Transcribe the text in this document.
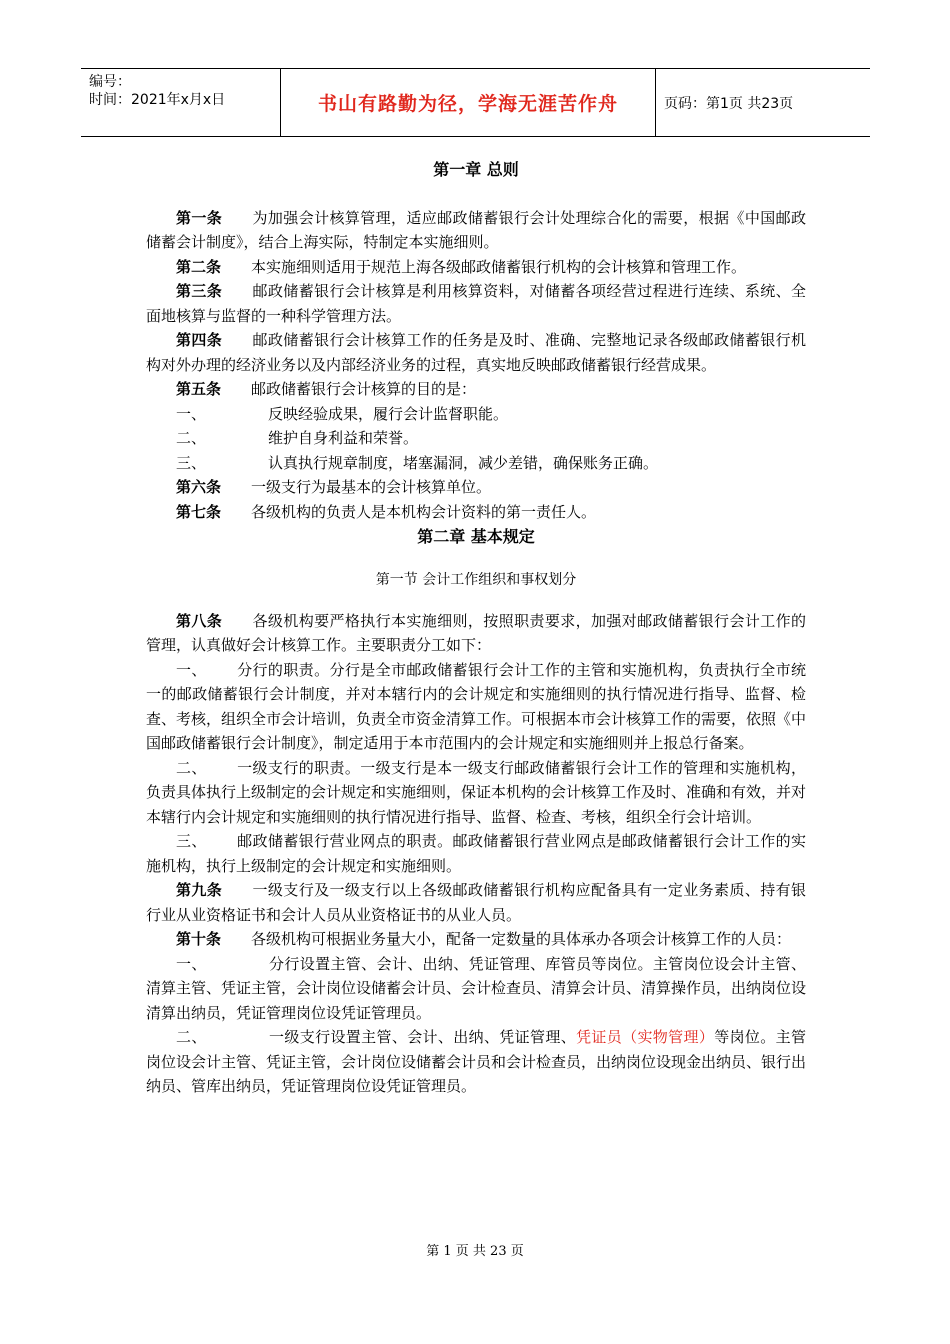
编号：
时间：2021年x月x日	书山有路勤为径，学海无涯苦作舟	页码：第1页 共23页
第一章 总则

第一条 为加强会计核算管理，适应邮政储蓄银行会计处理综合化的需要，根据《中国邮政储蓄会计制度》，结合上海实际，特制定本实施细则。

第二条 本实施细则适用于规范上海各级邮政储蓄银行机构的会计核算和管理工作。

第三条 邮政储蓄银行会计核算是利用核算资料，对储蓄各项经营过程进行连续、系统、全面地核算与监督的一种科学管理方法。

第四条 邮政储蓄银行会计核算工作的任务是及时、准确、完整地记录各级邮政储蓄银行机构对外办理的经济业务以及内部经济业务的过程，真实地反映邮政储蓄银行经营成果。

第五条 邮政储蓄银行会计核算的目的是：

一、	反映经验成果，履行会计监督职能。

二、	维护自身利益和荣誉。

三、	认真执行规章制度，堵塞漏洞，减少差错，确保账务正确。

第六条 一级支行为最基本的会计核算单位。

第七条 各级机构的负责人是本机构会计资料的第一责任人。

第二章 基本规定
第一节 会计工作组织和事权划分

第八条 各级机构要严格执行本实施细则，按照职责要求，加强对邮政储蓄银行会计工作的管理，认真做好会计核算工作。主要职责分工如下：

一、 分行的职责。分行是全市邮政储蓄银行会计工作的主管和实施机构，负责执行全市统一的邮政储蓄银行会计制度，并对本辖行内的会计规定和实施细则的执行情况进行指导、监督、检查、考核，组织全市会计培训，负责全市资金清算工作。可根据本市会计核算工作的需要，依照《中国邮政储蓄银行会计制度》，制定适用于本市范围内的会计规定和实施细则并上报总行备案。

二、 一级支行的职责。一级支行是本一级支行邮政储蓄银行会计工作的管理和实施机构，负责具体执行上级制定的会计规定和实施细则，保证本机构的会计核算工作及时、准确和有效，并对本辖行内会计规定和实施细则的执行情况进行指导、监督、检查、考核，组织全行会计培训。

三、 邮政储蓄银行营业网点的职责。邮政储蓄银行营业网点是邮政储蓄银行会计工作的实施机构，执行上级制定的会计规定和实施细则。

第九条 一级支行及一级支行以上各级邮政储蓄银行机构应配备具有一定业务素质、持有银行业从业资格证书和会计人员从业资格证书的从业人员。

第十条 各级机构可根据业务量大小，配备一定数量的具体承办各项会计核算工作的人员：

一、	分行设置主管、会计、出纳、凭证管理、库管员等岗位。主管岗位设会计主管、清算主管、凭证主管，会计岗位设储蓄会计员、会计检查员、清算会计员、清算操作员，出纳岗位设清算出纳员，凭证管理岗位设凭证管理员。

二、	一级支行设置主管、会计、出纳、凭证管理、凭证员（实物管理）等岗位。主管岗位设会计主管、凭证主管，会计岗位设储蓄会计员和会计检查员，出纳岗位设现金出纳员、银行出纳员、管库出纳员，凭证管理岗位设凭证管理员。

第 1 页 共 23 页
